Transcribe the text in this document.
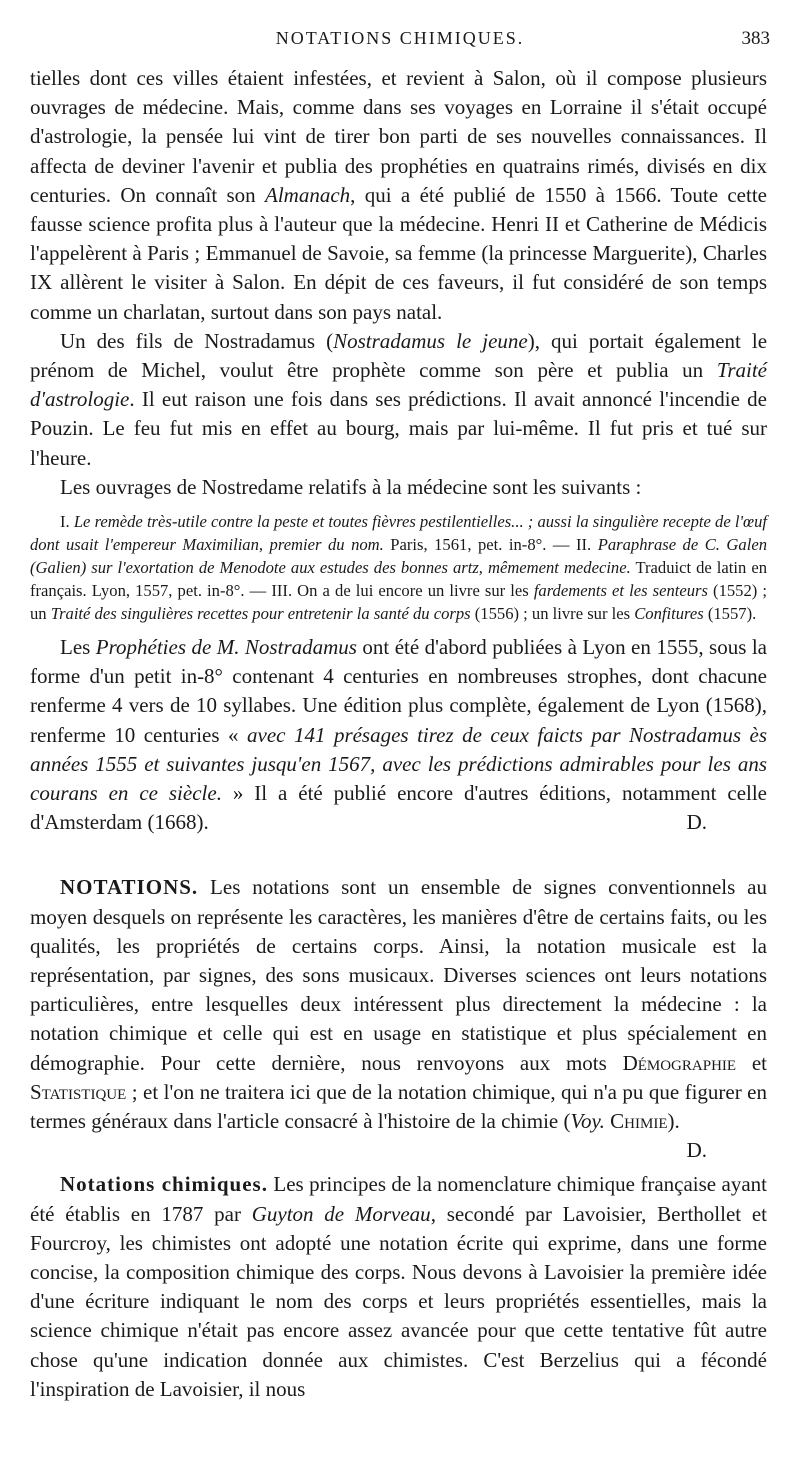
NOTATIONS CHIMIQUES.	383

tielles dont ces villes étaient infestées, et revient à Salon, où il compose plusieurs ouvrages de médecine. Mais, comme dans ses voyages en Lorraine il s'était occupé d'astrologie, la pensée lui vint de tirer bon parti de ses nouvelles connaissances. Il affecta de deviner l'avenir et publia des prophéties en quatrains rimés, divisés en dix centuries. On connaît son Almanach, qui a été publié de 1550 à 1566. Toute cette fausse science profita plus à l'auteur que la médecine. Henri II et Catherine de Médicis l'appelèrent à Paris ; Emmanuel de Savoie, sa femme (la princesse Marguerite), Charles IX allèrent le visiter à Salon. En dépit de ces faveurs, il fut considéré de son temps comme un charlatan, surtout dans son pays natal.

Un des fils de Nostradamus (Nostradamus le jeune), qui portait également le prénom de Michel, voulut être prophète comme son père et publia un Traité d'astrologie. Il eut raison une fois dans ses prédictions. Il avait annoncé l'incendie de Pouzin. Le feu fut mis en effet au bourg, mais par lui-même. Il fut pris et tué sur l'heure.

Les ouvrages de Nostredame relatifs à la médecine sont les suivants :

I. Le remède très-utile contre la peste et toutes fièvres pestilentielles... ; aussi la singulière recepte de l'œuf dont usait l'empereur Maximilian, premier du nom. Paris, 1561, pet. in-8°. — II. Paraphrase de C. Galen (Galien) sur l'exortation de Menodote aux estudes des bonnes artz, mêmement medecine. Traduict de latin en français. Lyon, 1557, pet. in-8°. — III. On a de lui encore un livre sur les fardements et les senteurs (1552) ; un Traité des singulières recettes pour entretenir la santé du corps (1556) ; un livre sur les Confitures (1557).

Les Prophéties de M. Nostradamus ont été d'abord publiées à Lyon en 1555, sous la forme d'un petit in-8° contenant 4 centuries en nombreuses strophes, dont chacune renferme 4 vers de 10 syllabes. Une édition plus complète, également de Lyon (1568), renferme 10 centuries « avec 141 présages tirez de ceux faicts par Nostradamus ès années 1555 et suivantes jusqu'en 1567, avec les prédictions admirables pour les ans courans en ce siècle. » Il a été publié encore d'autres éditions, notamment celle d'Amsterdam (1668).	D.

NOTATIONS. Les notations sont un ensemble de signes conventionnels au moyen desquels on représente les caractères, les manières d'être de certains faits, ou les qualités, les propriétés de certains corps. Ainsi, la notation musicale est la représentation, par signes, des sons musicaux. Diverses sciences ont leurs notations particulières, entre lesquelles deux intéressent plus directement la médecine : la notation chimique et celle qui est en usage en statistique et plus spécialement en démographie. Pour cette dernière, nous renvoyons aux mots Démographie et Statistique ; et l'on ne traitera ici que de la notation chimique, qui n'a pu que figurer en termes généraux dans l'article consacré à l'histoire de la chimie (Voy. Chimie).
D.

Notations chimiques. Les principes de la nomenclature chimique française ayant été établis en 1787 par Guyton de Morveau, secondé par Lavoisier, Berthollet et Fourcroy, les chimistes ont adopté une notation écrite qui exprime, dans une forme concise, la composition chimique des corps. Nous devons à Lavoisier la première idée d'une écriture indiquant le nom des corps et leurs propriétés essentielles, mais la science chimique n'était pas encore assez avancée pour que cette tentative fût autre chose qu'une indication donnée aux chimistes. C'est Berzelius qui a fécondé l'inspiration de Lavoisier, il nous
